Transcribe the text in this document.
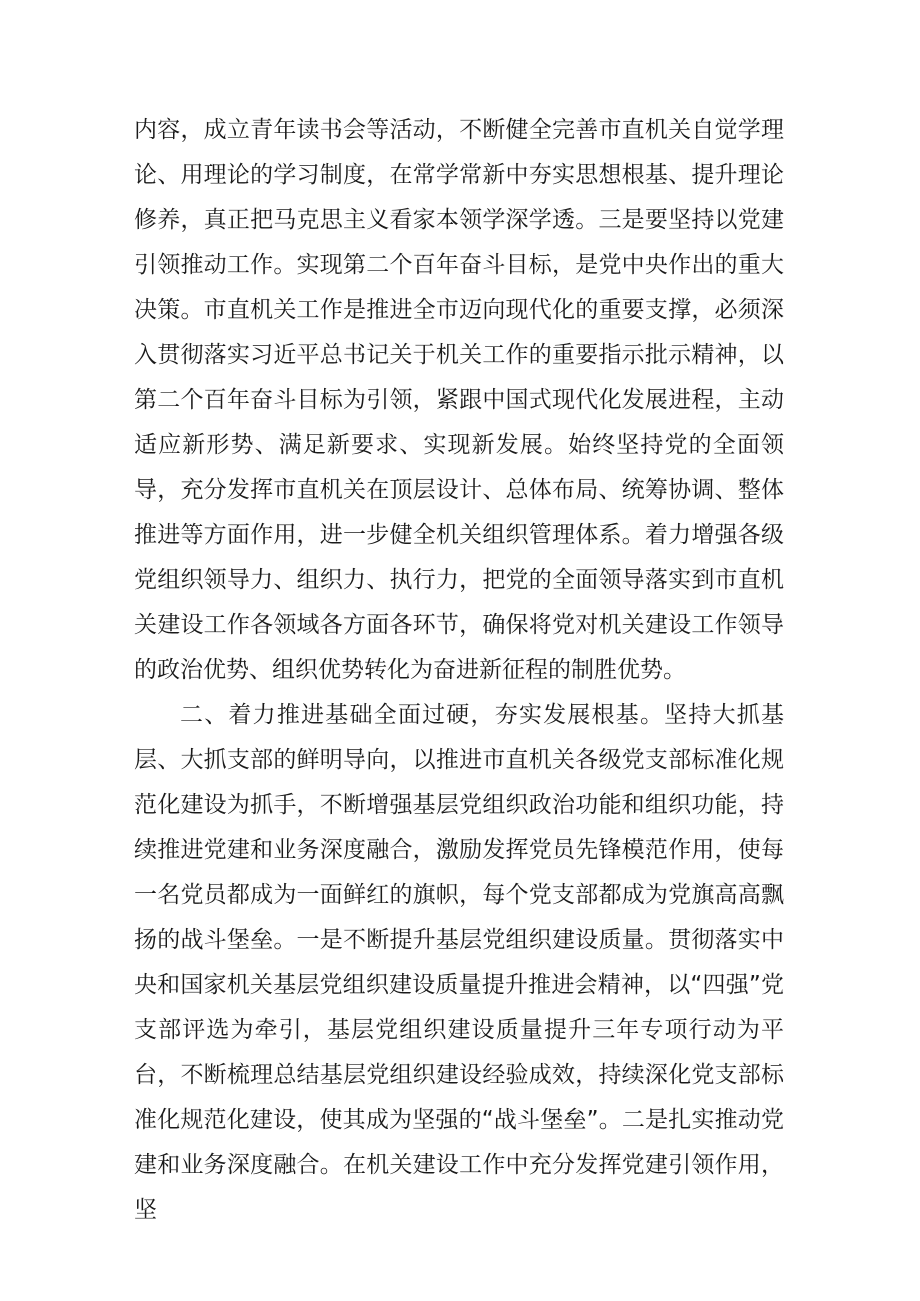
内容，成立青年读书会等活动，不断健全完善市直机关自觉学理论、用理论的学习制度，在常学常新中夯实思想根基、提升理论修养，真正把马克思主义看家本领学深学透。三是要坚持以党建引领推动工作。实现第二个百年奋斗目标，是党中央作出的重大决策。市直机关工作是推进全市迈向现代化的重要支撑，必须深入贯彻落实习近平总书记关于机关工作的重要指示批示精神，以第二个百年奋斗目标为引领，紧跟中国式现代化发展进程，主动适应新形势、满足新要求、实现新发展。始终坚持党的全面领导，充分发挥市直机关在顶层设计、总体布局、统筹协调、整体推进等方面作用，进一步健全机关组织管理体系。着力增强各级党组织领导力、组织力、执行力，把党的全面领导落实到市直机关建设工作各领域各方面各环节，确保将党对机关建设工作领导的政治优势、组织优势转化为奋进新征程的制胜优势。

二、着力推进基础全面过硬，夯实发展根基。坚持大抓基层、大抓支部的鲜明导向，以推进市直机关各级党支部标准化规范化建设为抓手，不断增强基层党组织政治功能和组织功能，持续推进党建和业务深度融合，激励发挥党员先锋模范作用，使每一名党员都成为一面鲜红的旗帜，每个党支部都成为党旗高高飘扬的战斗堡垒。一是不断提升基层党组织建设质量。贯彻落实中央和国家机关基层党组织建设质量提升推进会精神，以“四强”党支部评选为牵引，基层党组织建设质量提升三年专项行动为平台，不断梳理总结基层党组织建设经验成效，持续深化党支部标准化规范化建设，使其成为坚强的“战斗堡垒”。二是扎实推动党建和业务深度融合。在机关建设工作中充分发挥党建引领作用，坚
